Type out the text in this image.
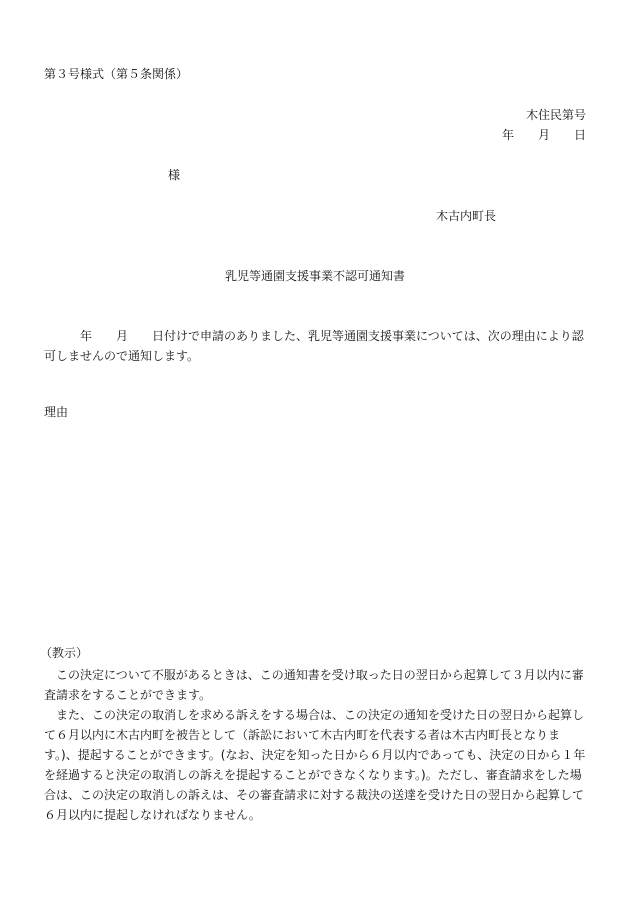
第３号様式（第５条関係）
木住民第号
年　　月　　日
様
木古内町長
乳児等通園支援事業不認可通知書
　　　年　　月　　日付けで申請のありました、乳児等通園支援事業については、次の理由により認可しませんので通知します。
理由
（教示）

この決定について不服があるときは、この通知書を受け取った日の翌日から起算して３月以内に審査請求をすることができます。

また、この決定の取消しを求める訴えをする場合は、この決定の通知を受けた日の翌日から起算して６月以内に木古内町を被告として（訴訟において木古内町を代表する者は木古内町長となります。)、提起することができます。(なお、決定を知った日から６月以内であっても、決定の日から１年を経過すると決定の取消しの訴えを提起することができなくなります。)。ただし、審査請求をした場合は、この決定の取消しの訴えは、その審査請求に対する裁決の送達を受けた日の翌日から起算して６月以内に提起しなければなりません。
